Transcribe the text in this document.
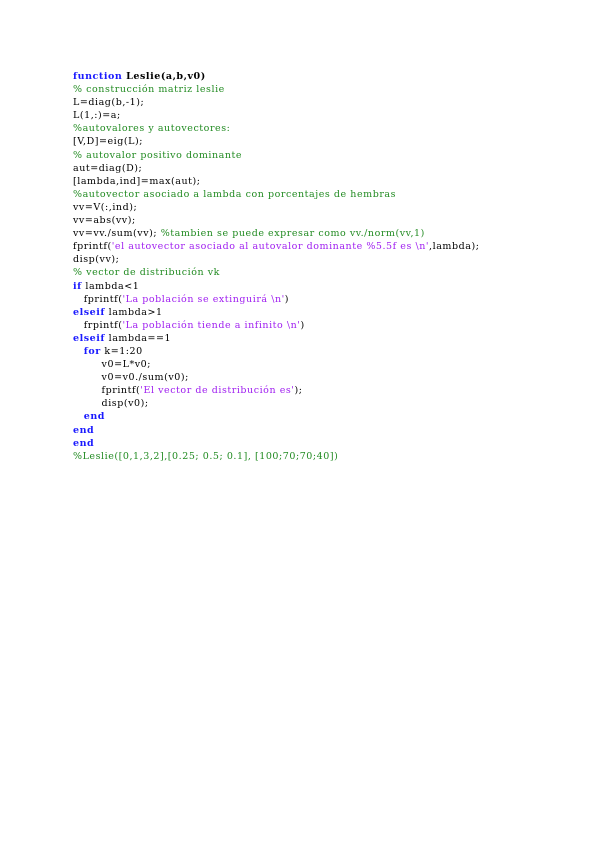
function Leslie(a,b,v0)
% construcción matriz leslie
L=diag(b,-1);
L(1,:)=a;
%autovalores y autovectores:
[V,D]=eig(L);
% autovalor positivo dominante
aut=diag(D);
[lambda,ind]=max(aut);
%autovector asociado a lambda con porcentajes de hembras
vv=V(:,ind);
vv=abs(vv);
vv=vv./sum(vv); %tambien se puede expresar como vv./norm(vv,1)
fprintf('el autovector asociado al autovalor dominante %5.5f es \n',lambda);
disp(vv);
% vector de distribución vk
if lambda<1
fprintf('La población se extinguirá \n')
elseif lambda>1
frpintf('La población tiende a infinito \n')
elseif lambda==1
for k=1:20
v0=L*v0;
v0=v0./sum(v0);
fprintf('El vector de distribución es');
disp(v0);
end
end
end
%Leslie([0,1,3,2],[0.25; 0.5; 0.1], [100;70;70;40])
